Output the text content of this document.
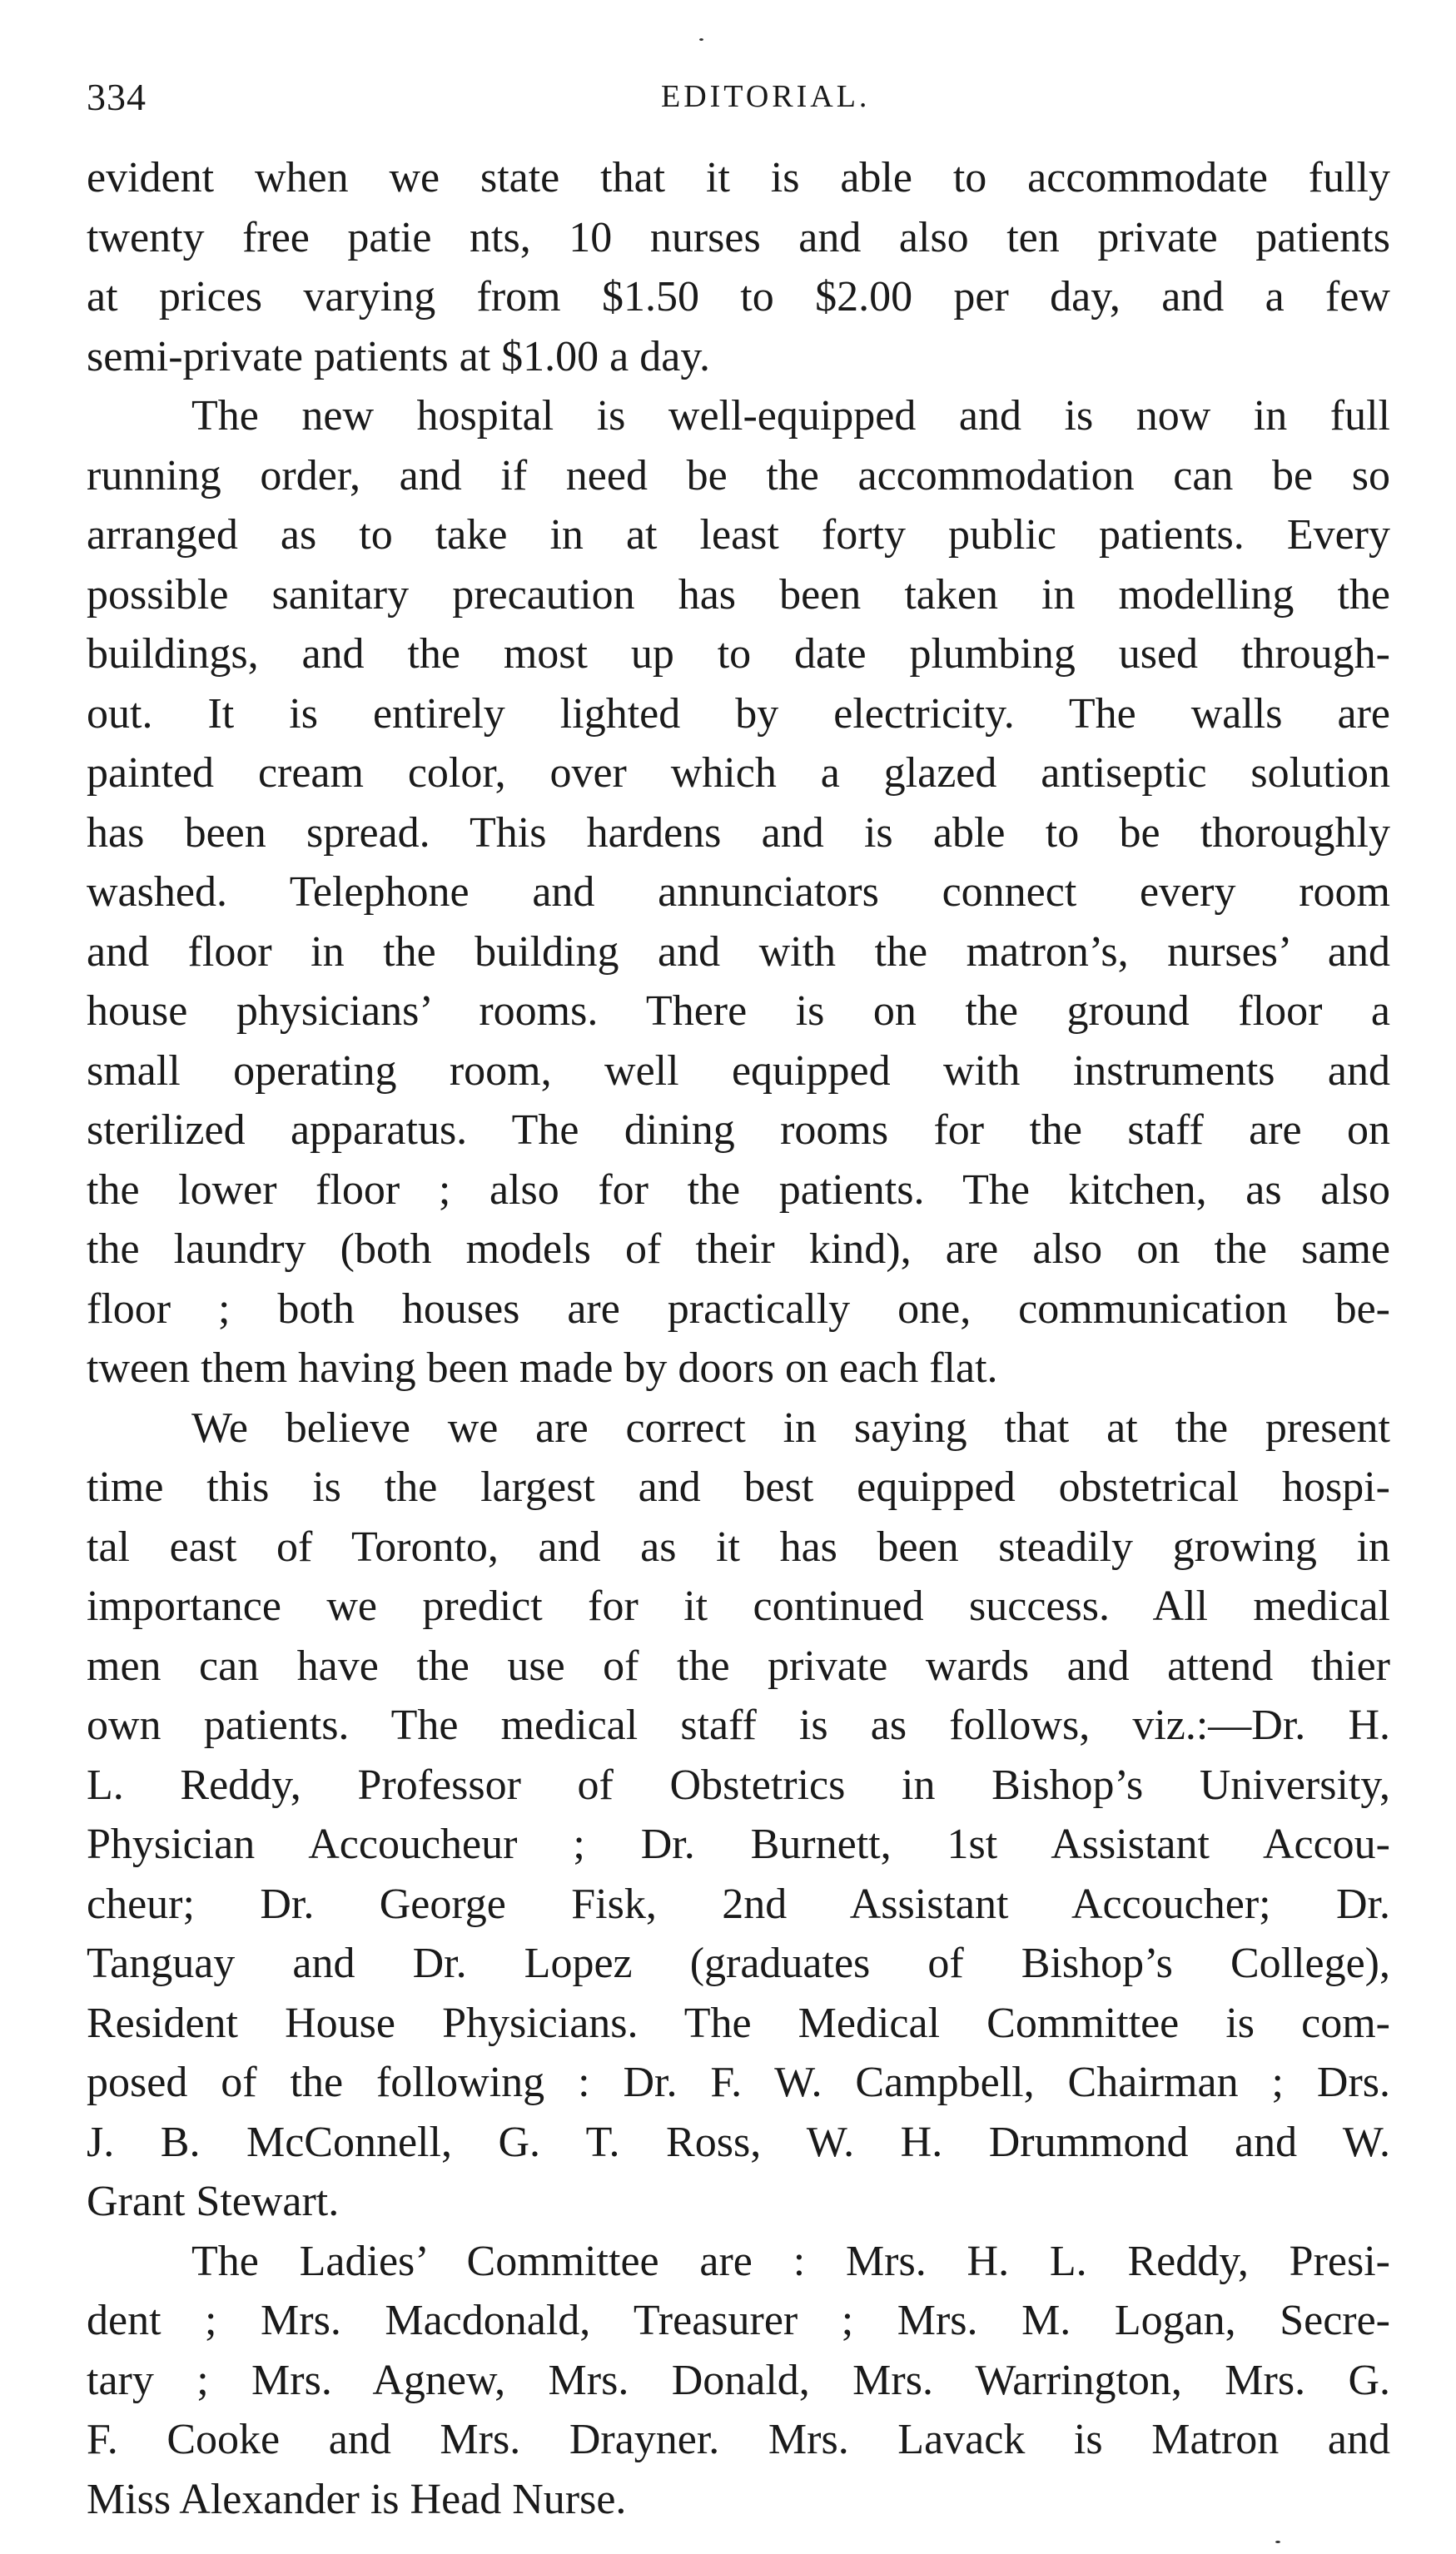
334	EDITORIAL.
evident when we state that it is able to accommodate fully
twenty free patie nts, 10 nurses and also ten private patients
at prices varying from $1.50 to $2.00 per day, and a few
semi-private patients at $1.00 a day.
The new hospital is well-equipped and is now in full
running order, and if need be the accommodation can be so
arranged as to take in at least forty public patients. Every
possible sanitary precaution has been taken in modelling the
buildings, and the most up to date plumbing used through-
out. It is entirely lighted by electricity. The walls are
painted cream color, over which a glazed antiseptic solution
has been spread. This hardens and is able to be thoroughly
washed. Telephone and annunciators connect every room
and floor in the building and with the matron’s, nurses’ and
house physicians’ rooms. There is on the ground floor a
small operating room, well equipped with instruments and
sterilized apparatus. The dining rooms for the staff are on
the lower floor ; also for the patients. The kitchen, as also
the laundry (both models of their kind), are also on the same
floor ; both houses are practically one, communication be-
tween them having been made by doors on each flat.
We believe we are correct in saying that at the present
time this is the largest and best equipped obstetrical hospi-
tal east of Toronto, and as it has been steadily growing in
importance we predict for it continued success. All medical
men can have the use of the private wards and attend thier
own patients. The medical staff is as follows, viz.:—Dr. H.
L. Reddy, Professor of Obstetrics in Bishop’s University,
Physician Accoucheur ; Dr. Burnett, 1st Assistant Accou-
cheur; Dr. George Fisk, 2nd Assistant Accoucher; Dr.
Tanguay and Dr. Lopez (graduates of Bishop’s College),
Resident House Physicians. The Medical Committee is com-
posed of the following : Dr. F. W. Campbell, Chairman ; Drs.
J. B. McConnell, G. T. Ross, W. H. Drummond and W.
Grant Stewart.
The Ladies’ Committee are : Mrs. H. L. Reddy, Presi-
dent ; Mrs. Macdonald, Treasurer ; Mrs. M. Logan, Secre-
tary ; Mrs. Agnew, Mrs. Donald, Mrs. Warrington, Mrs. G.
F. Cooke and Mrs. Drayner. Mrs. Lavack is Matron and
Miss Alexander is Head Nurse.
